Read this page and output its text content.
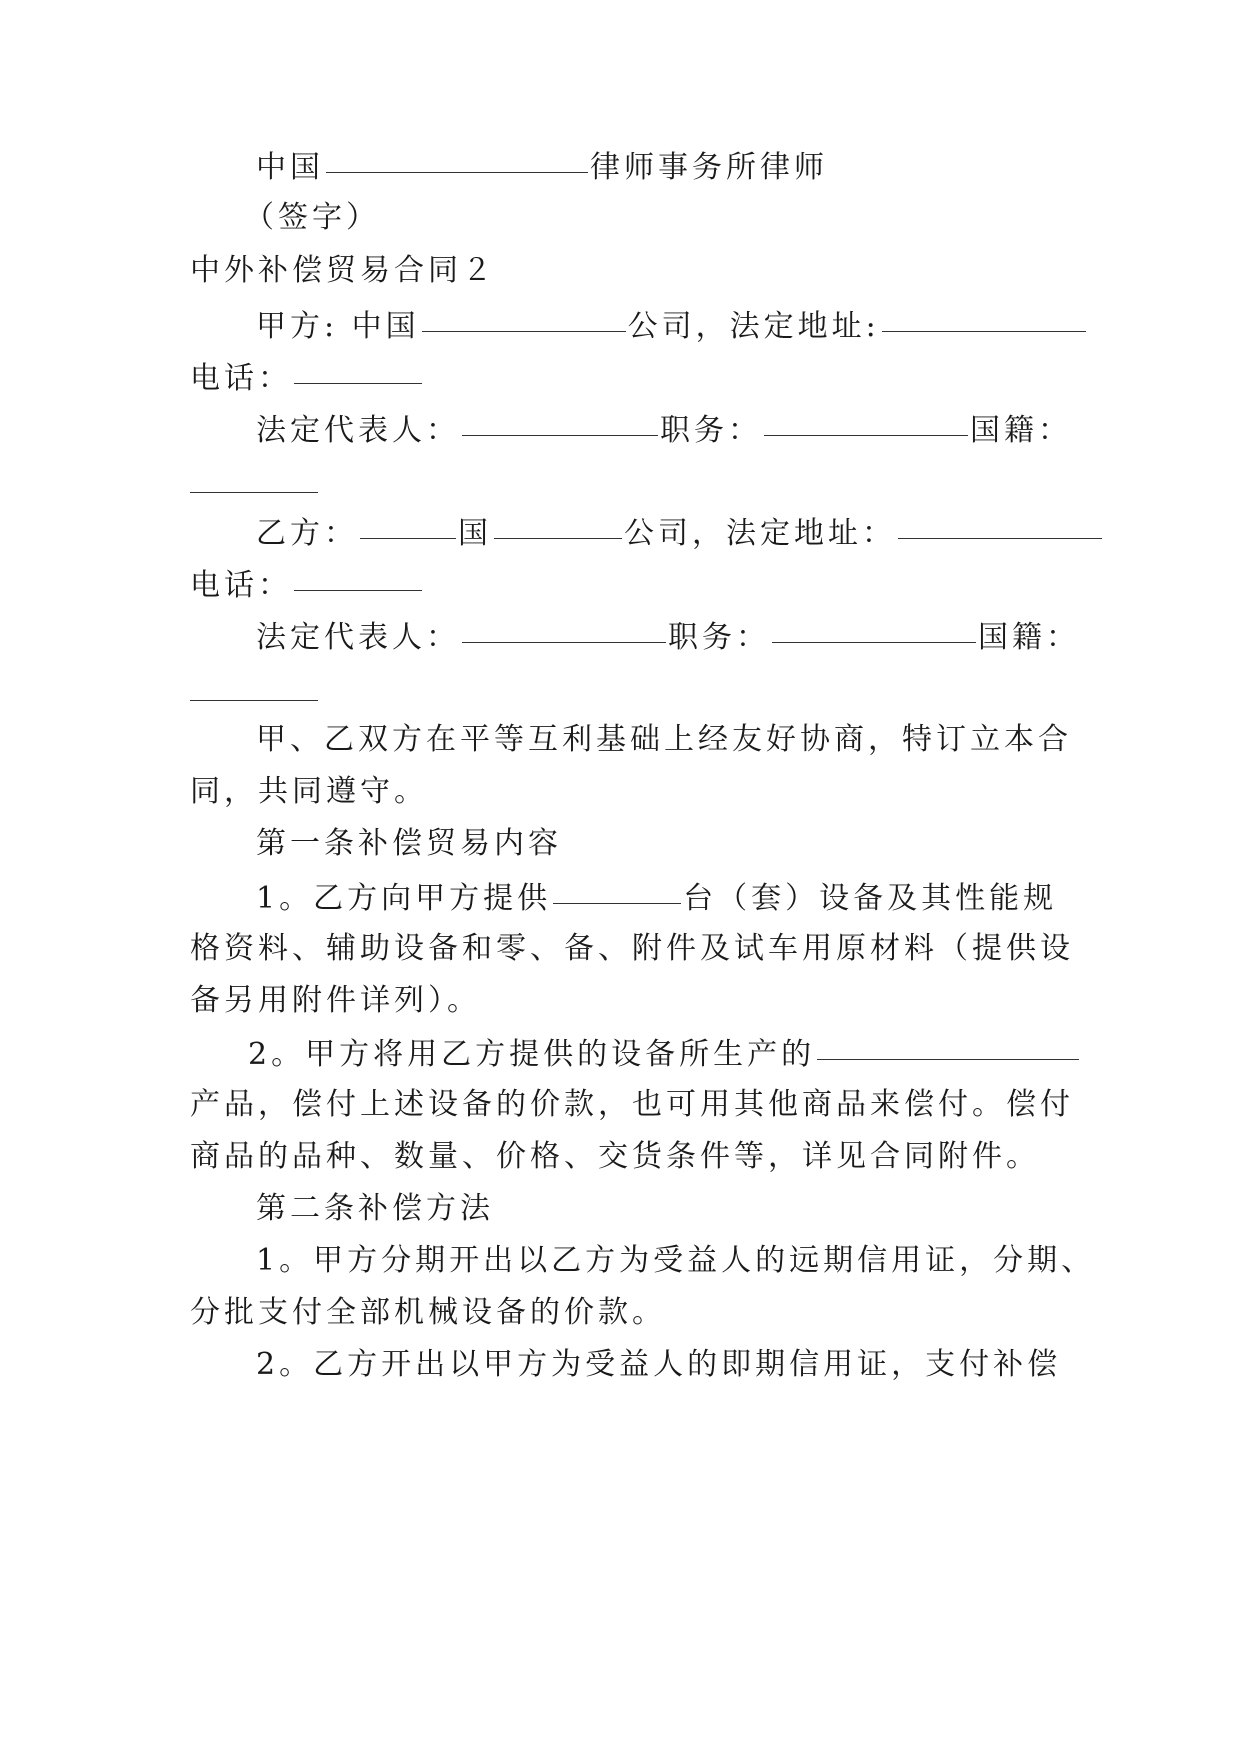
中国	律师事务所律师
（签字）
中外补偿贸易合同２
甲方: 中国	公司，法定地址:
电话：
法定代表人：	职务：	国籍：
乙方：	国	公司，法定地址：
电话：
法定代表人：	职务：	国籍：
甲、乙双方在平等互利基础上经友好协商，特订立本合
同，共同遵守。
第一条补偿贸易内容
1。乙方向甲方提供	台（套）设备及其性能规
格资料、辅助设备和零、备、附件及试车用原材料（提供设
备另用附件详列）。
2。甲方将用乙方提供的设备所生产的
产品，偿付上述设备的价款，也可用其他商品来偿付。偿付
商品的品种、数量、价格、交货条件等，详见合同附件。
第二条补偿方法
1。甲方分期开出以乙方为受益人的远期信用证，分期、
分批支付全部机械设备的价款。
2。乙方开出以甲方为受益人的即期信用证，支付补偿
